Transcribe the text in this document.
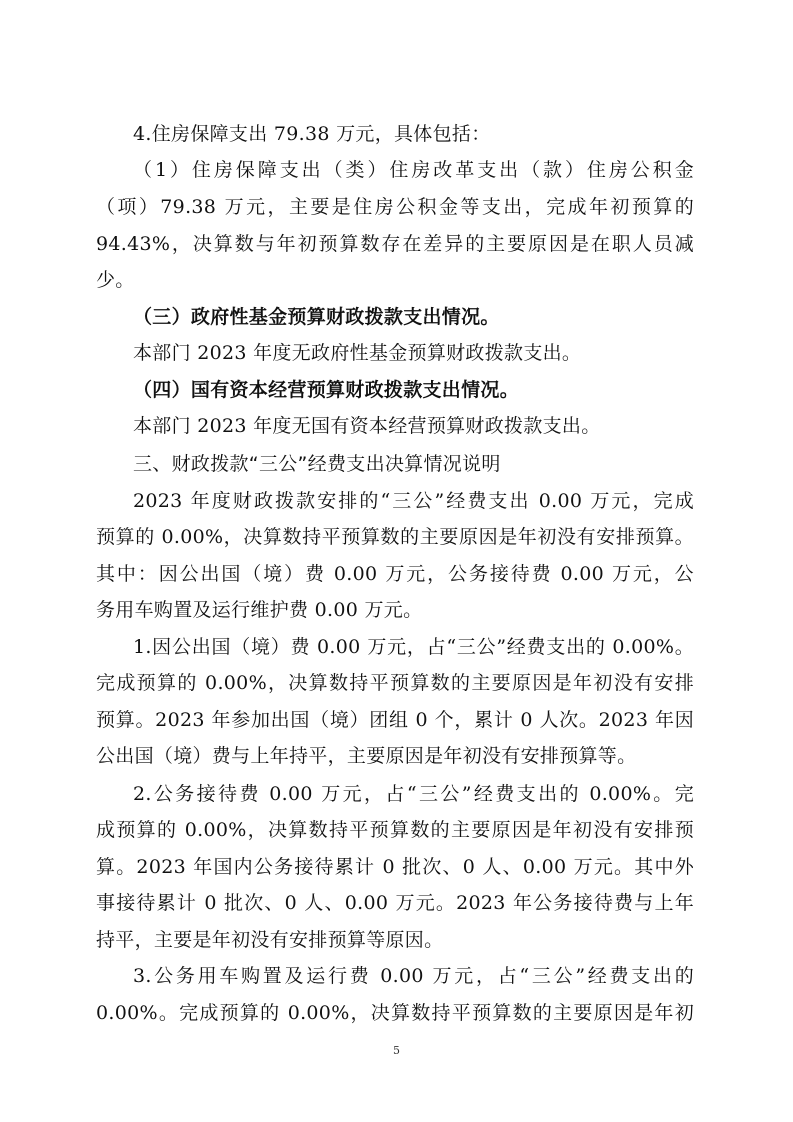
4.住房保障支出 79.38 万元，具体包括：
（1）住房保障支出（类）住房改革支出（款）住房公积金
（项）79.38 万元，主要是住房公积金等支出，完成年初预算的
94.43%，决算数与年初预算数存在差异的主要原因是在职人员减
少。
（三）政府性基金预算财政拨款支出情况。
本部门 2023 年度无政府性基金预算财政拨款支出。
（四）国有资本经营预算财政拨款支出情况。
本部门 2023 年度无国有资本经营预算财政拨款支出。
三、财政拨款“三公”经费支出决算情况说明
2023 年度财政拨款安排的“三公”经费支出 0.00 万元，完成
预算的 0.00%，决算数持平预算数的主要原因是年初没有安排预算。
其中：因公出国（境）费 0.00 万元，公务接待费 0.00 万元，公
务用车购置及运行维护费 0.00 万元。
1.因公出国（境）费 0.00 万元，占“三公”经费支出的 0.00%。
完成预算的 0.00%，决算数持平预算数的主要原因是年初没有安排
预算。2023 年参加出国（境）团组 0 个，累计 0 人次。2023 年因
公出国（境）费与上年持平，主要原因是年初没有安排预算等。
2.公务接待费 0.00 万元，占“三公”经费支出的 0.00%。完
成预算的 0.00%，决算数持平预算数的主要原因是年初没有安排预
算。2023 年国内公务接待累计 0 批次、0 人、0.00 万元。其中外
事接待累计 0 批次、0 人、0.00 万元。2023 年公务接待费与上年
持平，主要是年初没有安排预算等原因。
3.公务用车购置及运行费 0.00 万元，占“三公”经费支出的
0.00%。完成预算的 0.00%，决算数持平预算数的主要原因是年初
5
